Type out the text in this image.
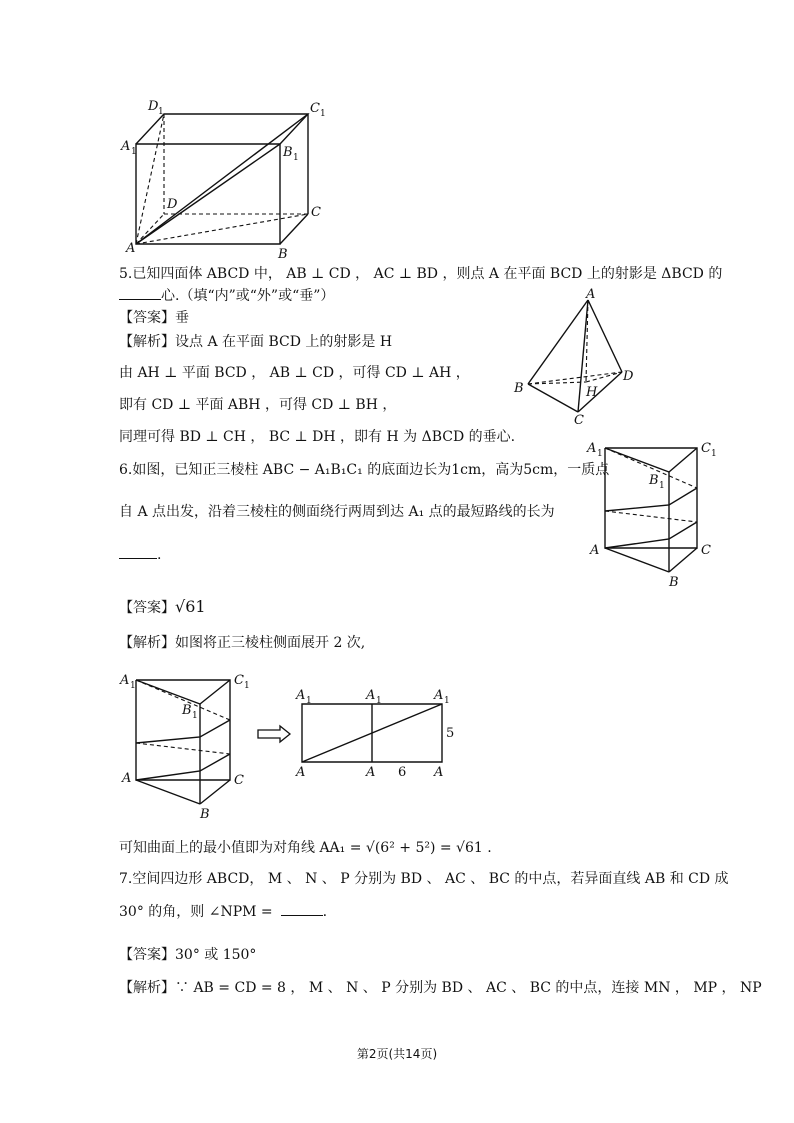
D 1	C 1
A 1	B 1
D
C
A	B
5.已知四面体 ABCD 中， AB ⊥ CD ， AC ⊥ BD ，则点 A 在平面 BCD 上的射影是 ΔBCD 的
心.（填“内”或“外”或“垂”）
【答案】垂
【解析】设点 A 在平面 BCD 上的射影是 H
由 AH ⊥ 平面 BCD ， AB ⊥ CD ，可得 CD ⊥ AH ，
即有 CD ⊥ 平面 ABH ，可得 CD ⊥ BH ，
同理可得 BD ⊥ CH ， BC ⊥ DH ，即有 H 为 ΔBCD 的垂心.
A
B
C
D
H
6.如图，已知正三棱柱 ABC − A₁B₁C₁ 的底面边长为1cm，高为5cm，一质点
自 A 点出发，沿着三棱柱的侧面绕行两周到达 A₁ 点的最短路线的长为
.
A 1	C 1
B 1
A	C
B
【答案】√61
【解析】如图将正三棱柱侧面展开 2 次,
A 1	C 1
B 1
A	C
B
A 1	A 1	A 1
A	A	A
5
6
可知曲面上的最小值即为对角线 AA₁ = √(6² + 5²) = √61 .
7.空间四边形 ABCD， M 、 N 、 P 分别为 BD 、 AC 、 BC 的中点，若异面直线 AB 和 CD 成
30° 的角，则 ∠NPM =	.
【答案】30° 或 150°
【解析】∵ AB = CD = 8 ， M 、 N 、 P 分别为 BD 、 AC 、 BC 的中点，连接 MN ， MP ， NP
第2页(共14页)
